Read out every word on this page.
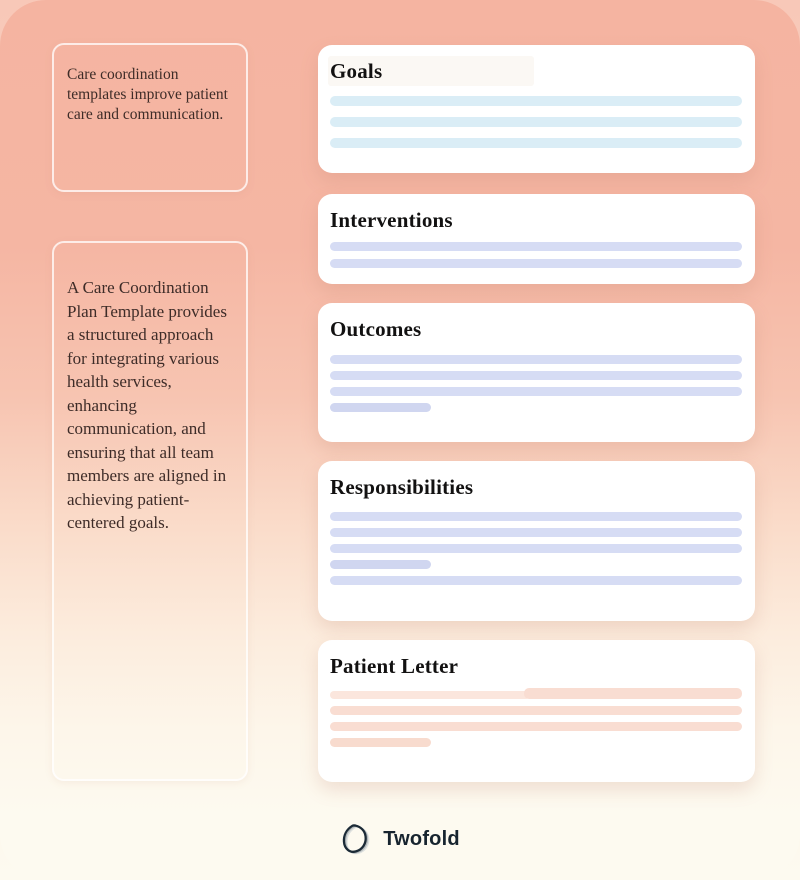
Care coordination templates improve patient care and communication.

A Care Coordination Plan Template provides a structured approach for integrating various health services, enhancing communication, and ensuring that all team members are aligned in achieving patient-centered goals.

Goals
Interventions
Outcomes
Responsibilities
Patient Letter
Twofold
